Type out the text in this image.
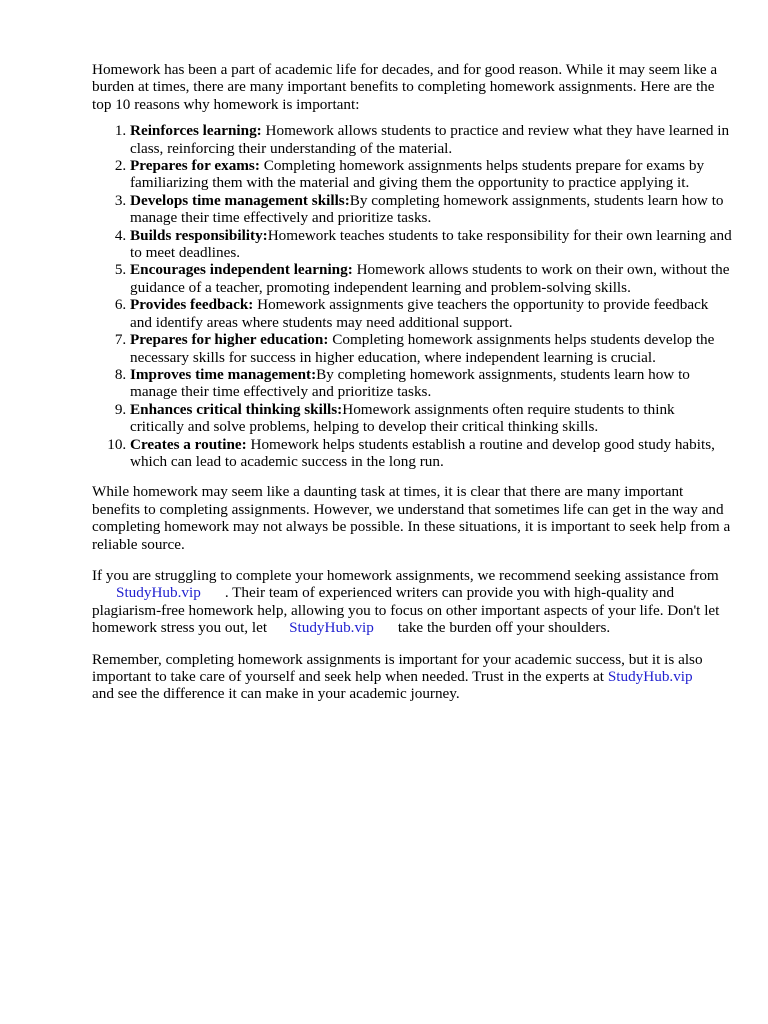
Homework has been a part of academic life for decades, and for good reason. While it may seem like a burden at times, there are many important benefits to completing homework assignments. Here are the top 10 reasons why homework is important:

1. Reinforces learning: Homework allows students to practice and review what they have learned in class, reinforcing their understanding of the material.
2. Prepares for exams: Completing homework assignments helps students prepare for exams by familiarizing them with the material and giving them the opportunity to practice applying it.
3. Develops time management skills:By completing homework assignments, students learn how to manage their time effectively and prioritize tasks.
4. Builds responsibility:Homework teaches students to take responsibility for their own learning and to meet deadlines.
5. Encourages independent learning: Homework allows students to work on their own, without the guidance of a teacher, promoting independent learning and problem-solving skills.
6. Provides feedback: Homework assignments give teachers the opportunity to provide feedback and identify areas where students may need additional support.
7. Prepares for higher education: Completing homework assignments helps students develop the necessary skills for success in higher education, where independent learning is crucial.
8. Improves time management:By completing homework assignments, students learn how to manage their time effectively and prioritize tasks.
9. Enhances critical thinking skills:Homework assignments often require students to think critically and solve problems, helping to develop their critical thinking skills.
10. Creates a routine: Homework helps students establish a routine and develop good study habits, which can lead to academic success in the long run.

While homework may seem like a daunting task at times, it is clear that there are many important benefits to completing assignments. However, we understand that sometimes life can get in the way and completing homework may not always be possible. In these situations, it is important to seek help from a reliable source.

If you are struggling to complete your homework assignments, we recommend seeking assistance fromStudyHub.vip . Their team of experienced writers can provide you with high-quality and plagiarism-free homework help, allowing you to focus on other important aspects of your life. Don't let homework stress you out, let StudyHub.vip take the burden off your shoulders.

Remember, completing homework assignments is important for your academic success, but it is also important to take care of yourself and seek help when needed. Trust in the experts at StudyHub.vipand see the difference it can make in your academic journey.
